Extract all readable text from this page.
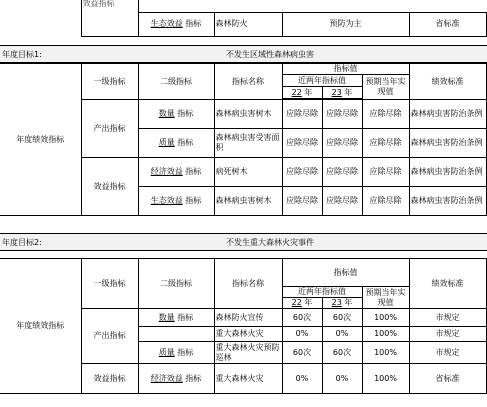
	效益指标				
		生态效益 指标	森林防火	预防为主	省标准
年度目标1:	不发生区域性森林病虫害
年度绩效指标	一级指标	二级指标	指标名称	指标值			绩效标准
				近两年指标值		预期当年实现值	
				22 年	23 年		

	产出指标	数量 指标	森林病虫害树木	应除尽除	应除尽除	应除尽除	森林病虫害防治条例
		质量 指标	森林病虫害受害面积	应除尽除	应除尽除	应除尽除	森林病虫害防治条例
	效益指标	经济效益 指标	病死树木	应除尽除	应除尽除	应除尽除	森林病虫害防治条例
		生态效益 指标	森林病虫害树木	应除尽除	应除尽除	应除尽除	森林病虫害防治条例
年度目标2:	不发生重大森林火灾事件
年度绩效指标	一级指标	二级指标	指标名称	指标值			绩效标准
				近两年指标值		预期当年实现值	
				22 年	23 年		
	产出指标	数量 指标	森林防火宣传	60次	60次	100%	市规定
			重大森林火灾	0%	0%	100%	市规定
		质量 指标	重大森林火灾预防巡林	60次	60次	100%	市规定
	效益指标	经济效益 指标	重大森林火灾	0%	0%	100%	省标准
